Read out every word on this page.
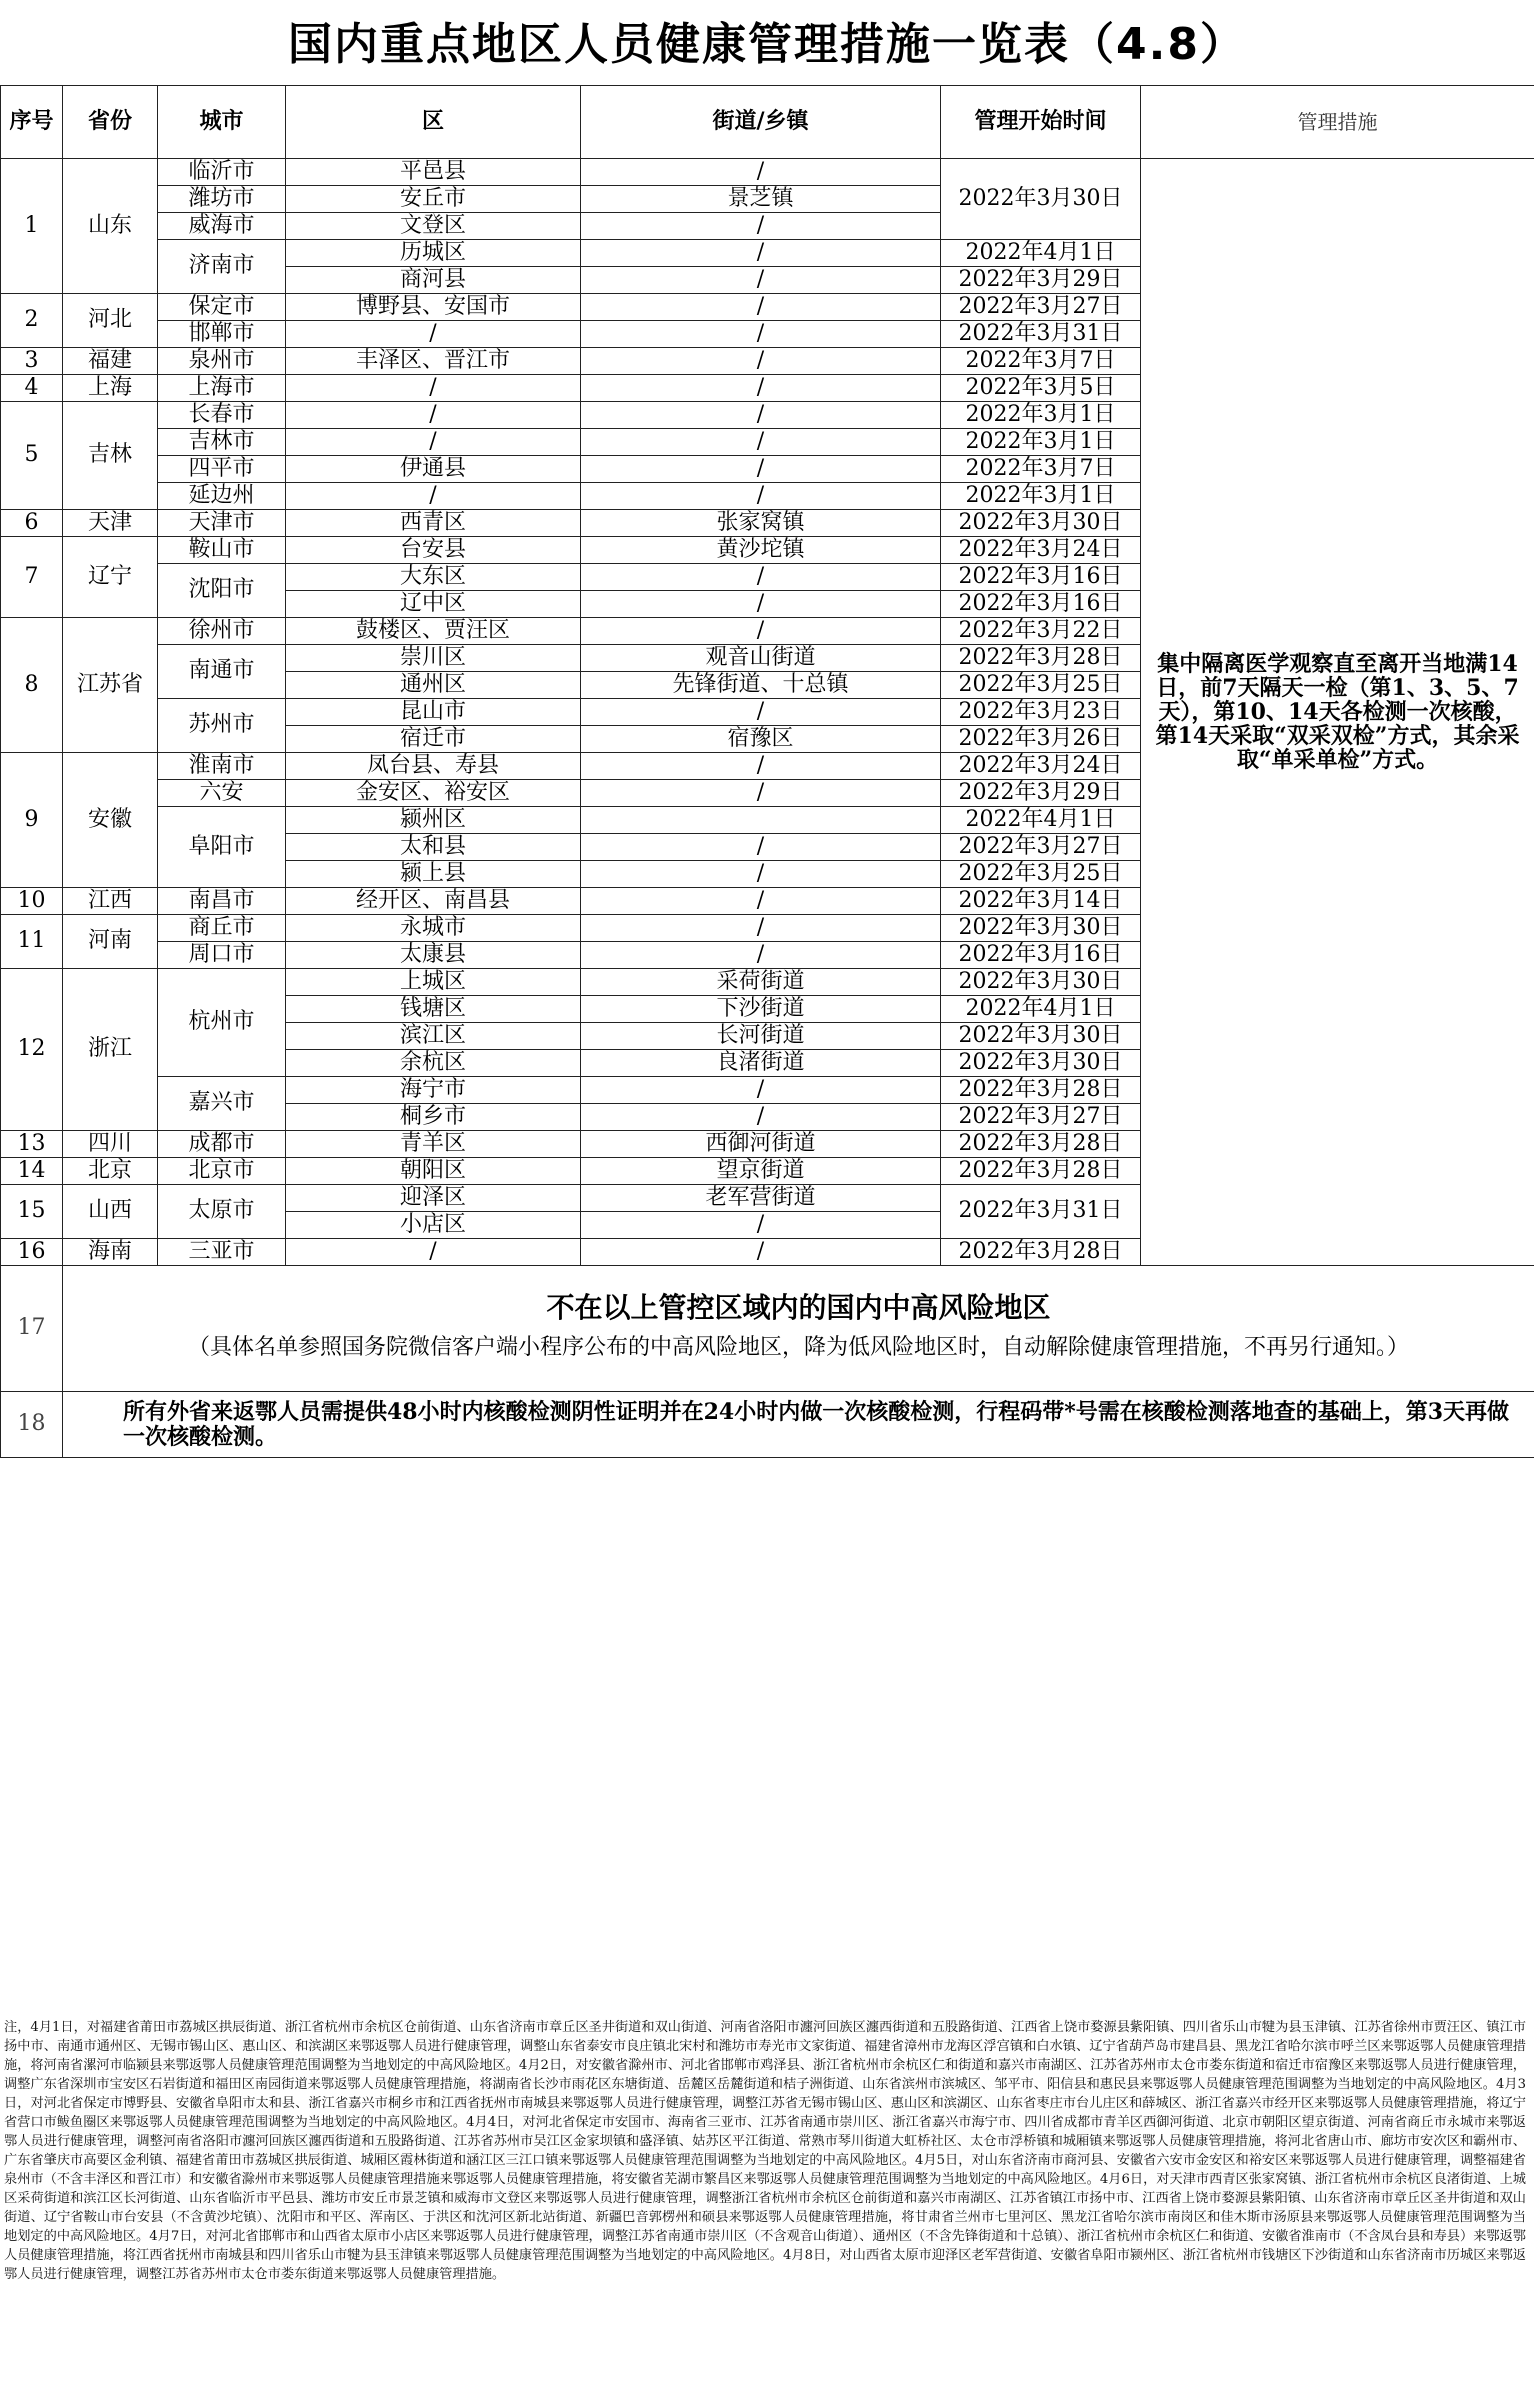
国内重点地区人员健康管理措施一览表（4.8）
序号	省份	城市	区	街道/乡镇	管理开始时间	管理措施
1	山东	临沂市	平邑县	/	2022年3月30日	集中隔离医学观察直至离开当地满14日，前7天隔天一检（第1、3、5、7天），第10、14天各检测一次核酸，第14天采取“双采双检”方式，其余采取“单采单检”方式。
		潍坊市	安丘市	景芝镇		
		威海市	文登区	/		
		济南市	历城区	/	2022年4月1日	
			商河县	/	2022年3月29日	
2	河北	保定市	博野县、安国市	/	2022年3月27日	
		邯郸市	/	/	2022年3月31日	
3	福建	泉州市	丰泽区、晋江市	/	2022年3月7日	
4	上海	上海市	/	/	2022年3月5日	
5	吉林	长春市	/	/	2022年3月1日	
		吉林市	/	/	2022年3月1日	
		四平市	伊通县	/	2022年3月7日	
		延边州	/	/	2022年3月1日	
6	天津	天津市	西青区	张家窝镇	2022年3月30日	
7	辽宁	鞍山市	台安县	黄沙坨镇	2022年3月24日	
		沈阳市	大东区	/	2022年3月16日	
			辽中区	/	2022年3月16日	
8	江苏省	徐州市	鼓楼区、贾汪区	/	2022年3月22日	
		南通市	崇川区	观音山街道	2022年3月28日	
			通州区	先锋街道、十总镇	2022年3月25日	
		苏州市	昆山市	/	2022年3月23日	
			宿迁市	宿豫区	2022年3月26日	
9	安徽	淮南市	凤台县、寿县	/	2022年3月24日	
		六安	金安区、裕安区	/	2022年3月29日	
		阜阳市	颍州区		2022年4月1日	
			太和县	/	2022年3月27日	
			颍上县	/	2022年3月25日	
10	江西	南昌市	经开区、南昌县	/	2022年3月14日	
11	河南	商丘市	永城市	/	2022年3月30日	
		周口市	太康县	/	2022年3月16日	
12	浙江	杭州市	上城区	采荷街道	2022年3月30日	
			钱塘区	下沙街道	2022年4月1日	
			滨江区	长河街道	2022年3月30日	
			余杭区	良渚街道	2022年3月30日	
		嘉兴市	海宁市	/	2022年3月28日	
			桐乡市	/	2022年3月27日	
13	四川	成都市	青羊区	西御河街道	2022年3月28日	
14	北京	北京市	朝阳区	望京街道	2022年3月28日	
15	山西	太原市	迎泽区	老军营街道	2022年3月31日	
			小店区	/		
16	海南	三亚市	/	/	2022年3月28日	
17	不在以上管控区域内的国内中高风险地区
（具体名单参照国务院微信客户端小程序公布的中高风险地区，降为低风险地区时，自动解除健康管理措施，不再另行通知。）					

18	所有外省来返鄂人员需提供48小时内核酸检测阴性证明并在24小时内做一次核酸检测，行程码带*号需在核酸检测落地查的基础上，第3天再做一次核酸检测。					
注，4月1日，对福建省莆田市荔城区拱辰街道、浙江省杭州市余杭区仓前街道、山东省济南市章丘区圣井街道和双山街道、河南省洛阳市瀍河回族区瀍西街道和五股路街道、江西省上饶市婺源县紫阳镇、四川省乐山市犍为县玉津镇、江苏省徐州市贾汪区、镇江市扬中市、南通市通州区、无锡市锡山区、惠山区、和滨湖区来鄂返鄂人员进行健康管理，调整山东省泰安市良庄镇北宋村和潍坊市寿光市文家街道、福建省漳州市龙海区浮宫镇和白水镇、辽宁省葫芦岛市建昌县、黑龙江省哈尔滨市呼兰区来鄂返鄂人员健康管理措施，将河南省漯河市临颍县来鄂返鄂人员健康管理范围调整为当地划定的中高风险地区。4月2日，对安徽省滁州市、河北省邯郸市鸡泽县、浙江省杭州市余杭区仁和街道和嘉兴市南湖区、江苏省苏州市太仓市娄东街道和宿迁市宿豫区来鄂返鄂人员进行健康管理，调整广东省深圳市宝安区石岩街道和福田区南园街道来鄂返鄂人员健康管理措施，将湖南省长沙市雨花区东塘街道、岳麓区岳麓街道和桔子洲街道、山东省滨州市滨城区、邹平市、阳信县和惠民县来鄂返鄂人员健康管理范围调整为当地划定的中高风险地区。4月3日，对河北省保定市博野县、安徽省阜阳市太和县、浙江省嘉兴市桐乡市和江西省抚州市南城县来鄂返鄂人员进行健康管理，调整江苏省无锡市锡山区、惠山区和滨湖区、山东省枣庄市台儿庄区和薛城区、浙江省嘉兴市经开区来鄂返鄂人员健康管理措施，将辽宁省营口市鲅鱼圈区来鄂返鄂人员健康管理范围调整为当地划定的中高风险地区。4月4日，对河北省保定市安国市、海南省三亚市、江苏省南通市崇川区、浙江省嘉兴市海宁市、四川省成都市青羊区西御河街道、北京市朝阳区望京街道、河南省商丘市永城市来鄂返鄂人员进行健康管理，调整河南省洛阳市瀍河回族区瀍西街道和五股路街道、江苏省苏州市吴江区金家坝镇和盛泽镇、姑苏区平江街道、常熟市琴川街道大虹桥社区、太仓市浮桥镇和城厢镇来鄂返鄂人员健康管理措施，将河北省唐山市、廊坊市安次区和霸州市、广东省肇庆市高要区金利镇、福建省莆田市荔城区拱辰街道、城厢区霞林街道和涵江区三江口镇来鄂返鄂人员健康管理范围调整为当地划定的中高风险地区。4月5日，对山东省济南市商河县、安徽省六安市金安区和裕安区来鄂返鄂人员进行健康管理，调整福建省泉州市（不含丰泽区和晋江市）和安徽省滁州市来鄂返鄂人员健康管理措施来鄂返鄂人员健康管理措施，将安徽省芜湖市繁昌区来鄂返鄂人员健康管理范围调整为当地划定的中高风险地区。4月6日，对天津市西青区张家窝镇、浙江省杭州市余杭区良渚街道、上城区采荷街道和滨江区长河街道、山东省临沂市平邑县、潍坊市安丘市景芝镇和威海市文登区来鄂返鄂人员进行健康管理，调整浙江省杭州市余杭区仓前街道和嘉兴市南湖区、江苏省镇江市扬中市、江西省上饶市婺源县紫阳镇、山东省济南市章丘区圣井街道和双山街道、辽宁省鞍山市台安县（不含黄沙坨镇）、沈阳市和平区、浑南区、于洪区和沈河区新北站街道、新疆巴音郭楞州和硕县来鄂返鄂人员健康管理措施，将甘肃省兰州市七里河区、黑龙江省哈尔滨市南岗区和佳木斯市汤原县来鄂返鄂人员健康管理范围调整为当地划定的中高风险地区。4月7日，对河北省邯郸市和山西省太原市小店区来鄂返鄂人员进行健康管理，调整江苏省南通市崇川区（不含观音山街道）、通州区（不含先锋街道和十总镇）、浙江省杭州市余杭区仁和街道、安徽省淮南市（不含凤台县和寿县）来鄂返鄂人员健康管理措施，将江西省抚州市南城县和四川省乐山市犍为县玉津镇来鄂返鄂人员健康管理范围调整为当地划定的中高风险地区。4月8日，对山西省太原市迎泽区老军营街道、安徽省阜阳市颍州区、浙江省杭州市钱塘区下沙街道和山东省济南市历城区来鄂返鄂人员进行健康管理，调整江苏省苏州市太仓市娄东街道来鄂返鄂人员健康管理措施。
